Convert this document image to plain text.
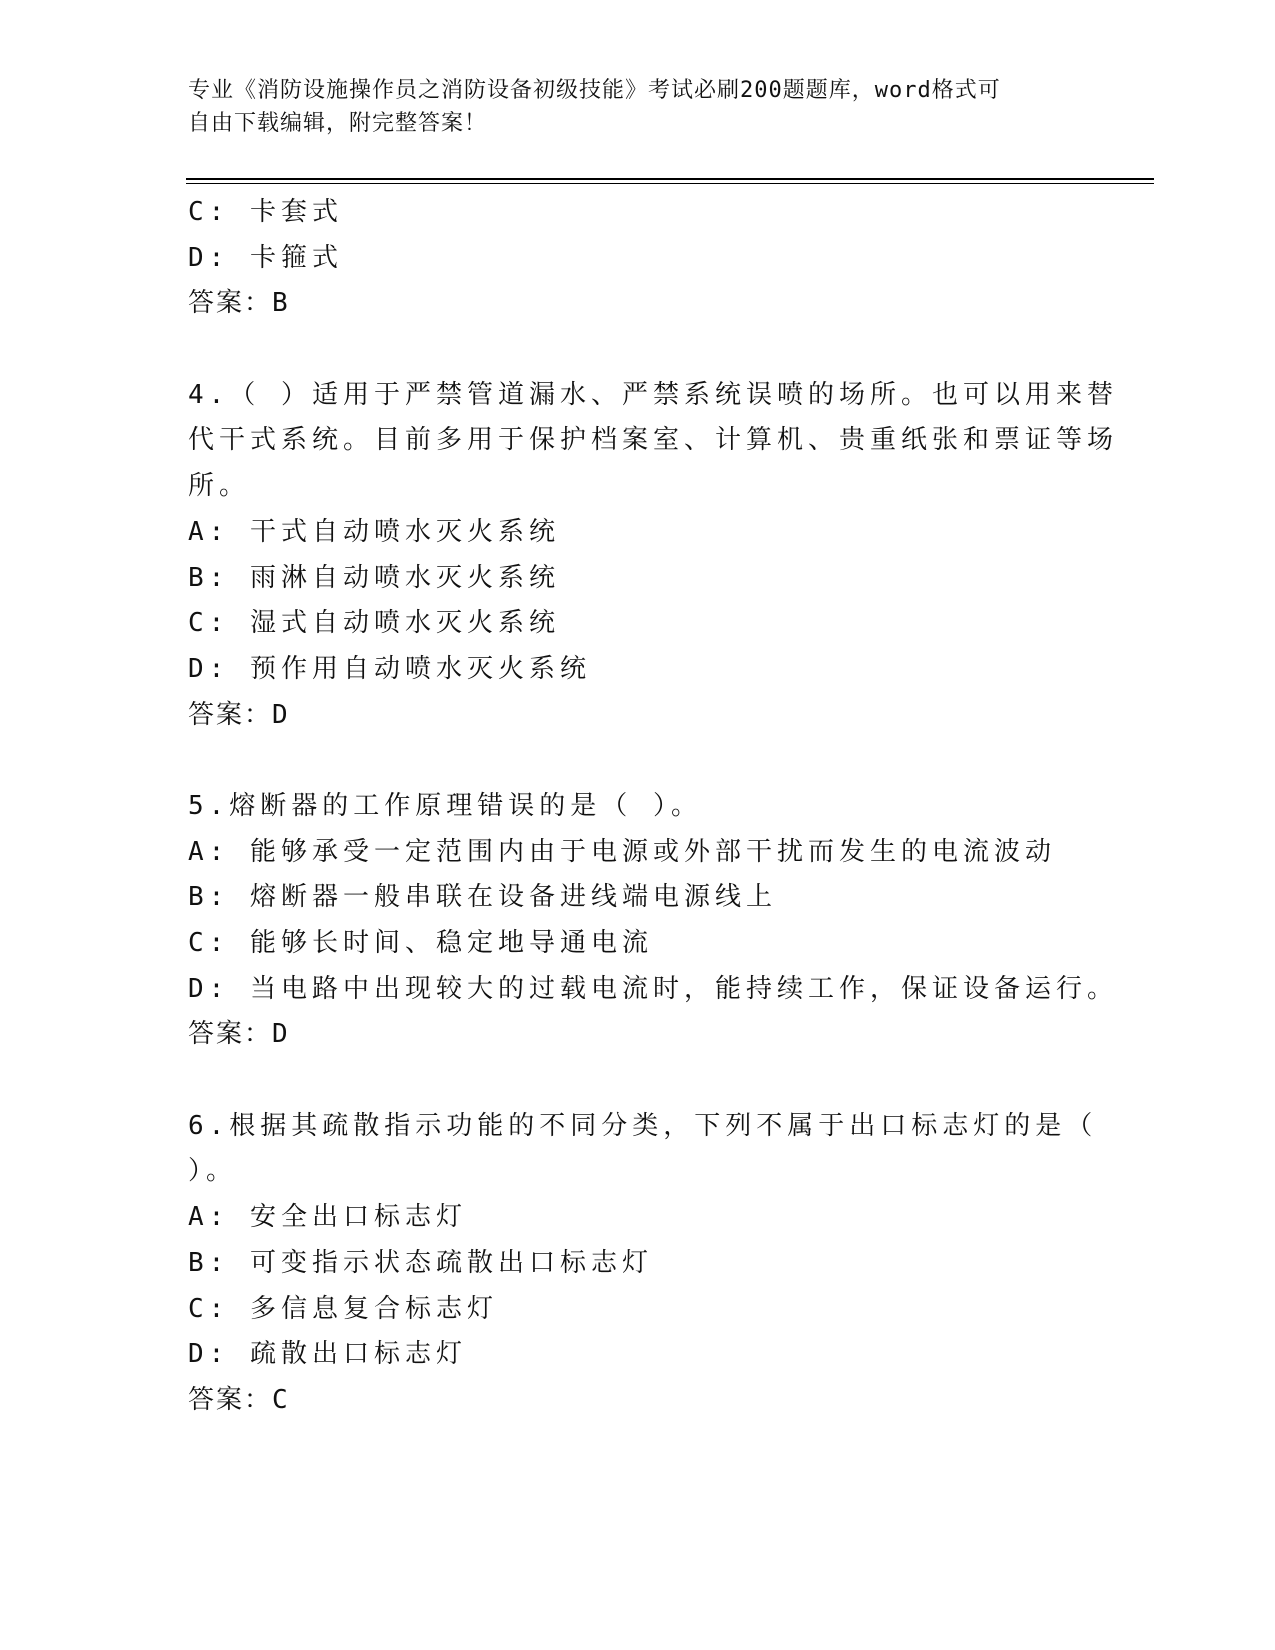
专业《消防设施操作员之消防设备初级技能》考试必刷200题题库，word格式可
自由下载编辑，附完整答案！
C: 卡套式
D: 卡箍式
答案：B
4.（ ）适用于严禁管道漏水、严禁系统误喷的场所。也可以用来替
代干式系统。目前多用于保护档案室、计算机、贵重纸张和票证等场
所。
A: 干式自动喷水灭火系统
B: 雨淋自动喷水灭火系统
C: 湿式自动喷水灭火系统
D: 预作用自动喷水灭火系统
答案：D
5.熔断器的工作原理错误的是（ ）。
A: 能够承受一定范围内由于电源或外部干扰而发生的电流波动
B: 熔断器一般串联在设备进线端电源线上
C: 能够长时间、稳定地导通电流
D: 当电路中出现较大的过载电流时，能持续工作，保证设备运行。
答案：D
6.根据其疏散指示功能的不同分类，下列不属于出口标志灯的是（
）。
A: 安全出口标志灯
B: 可变指示状态疏散出口标志灯
C: 多信息复合标志灯
D: 疏散出口标志灯
答案：C
